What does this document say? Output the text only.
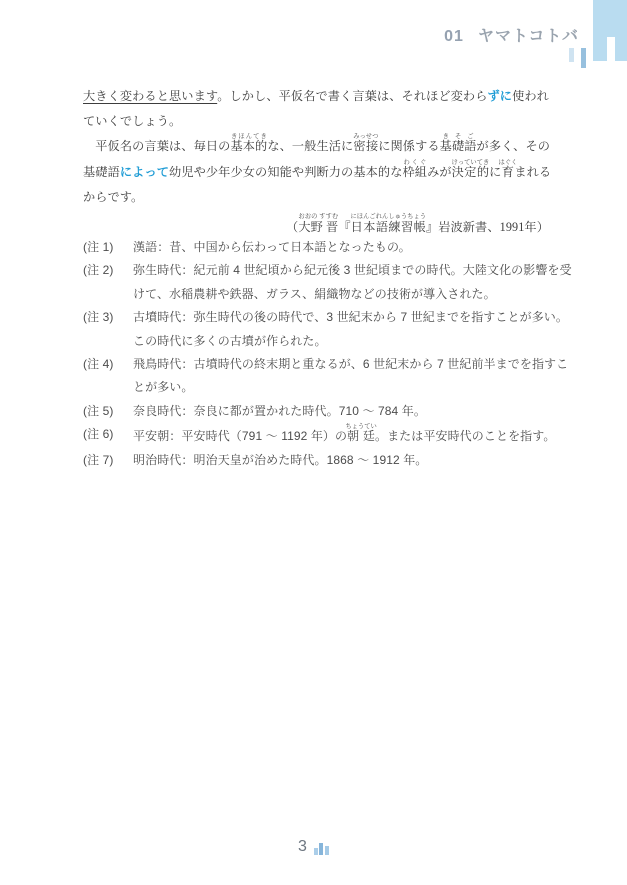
01 ヤマトコトバ
大きく変わると思います。しかし、平仮名で書く言葉は、それほど変わらずに使われ
ていくでしょう。
　平仮名の言葉は、毎日の基本的きほんてきな、一般生活に密接みっせつに関係する基礎語きそごが多く、その
基礎語によって幼児や少年少女の知能や判断力の基本的な枠組わくぐみが決定的けっていてきに育はぐくまれる
からです。
（大野 晋おおの すすむ『日本語練習帳にほんごれんしゅうちょう』岩波新書、1991年）
(注 1)	漢語：昔、中国から伝わって日本語となったもの。
(注 2)	弥生時代：紀元前 4 世紀頃から紀元後 3 世紀頃までの時代。大陸文化の影響を受
けて、水稲農耕や鉄器、ガラス、絹織物などの技術が導入された。
(注 3)	古墳時代：弥生時代の後の時代で、3 世紀末から 7 世紀までを指すことが多い。
この時代に多くの古墳が作られた。
(注 4)	飛鳥時代：古墳時代の終末期と重なるが、6 世紀末から 7 世紀前半までを指すこ
とが多い。
(注 5)	奈良時代：奈良に都が置かれた時代。710 ～ 784 年。
(注 6)	平安朝：平安時代（791 ～ 1192 年）の朝廷ちょうてい。または平安時代のことを指す。
(注 7)	明治時代：明治天皇が治めた時代。1868 ～ 1912 年。
3
